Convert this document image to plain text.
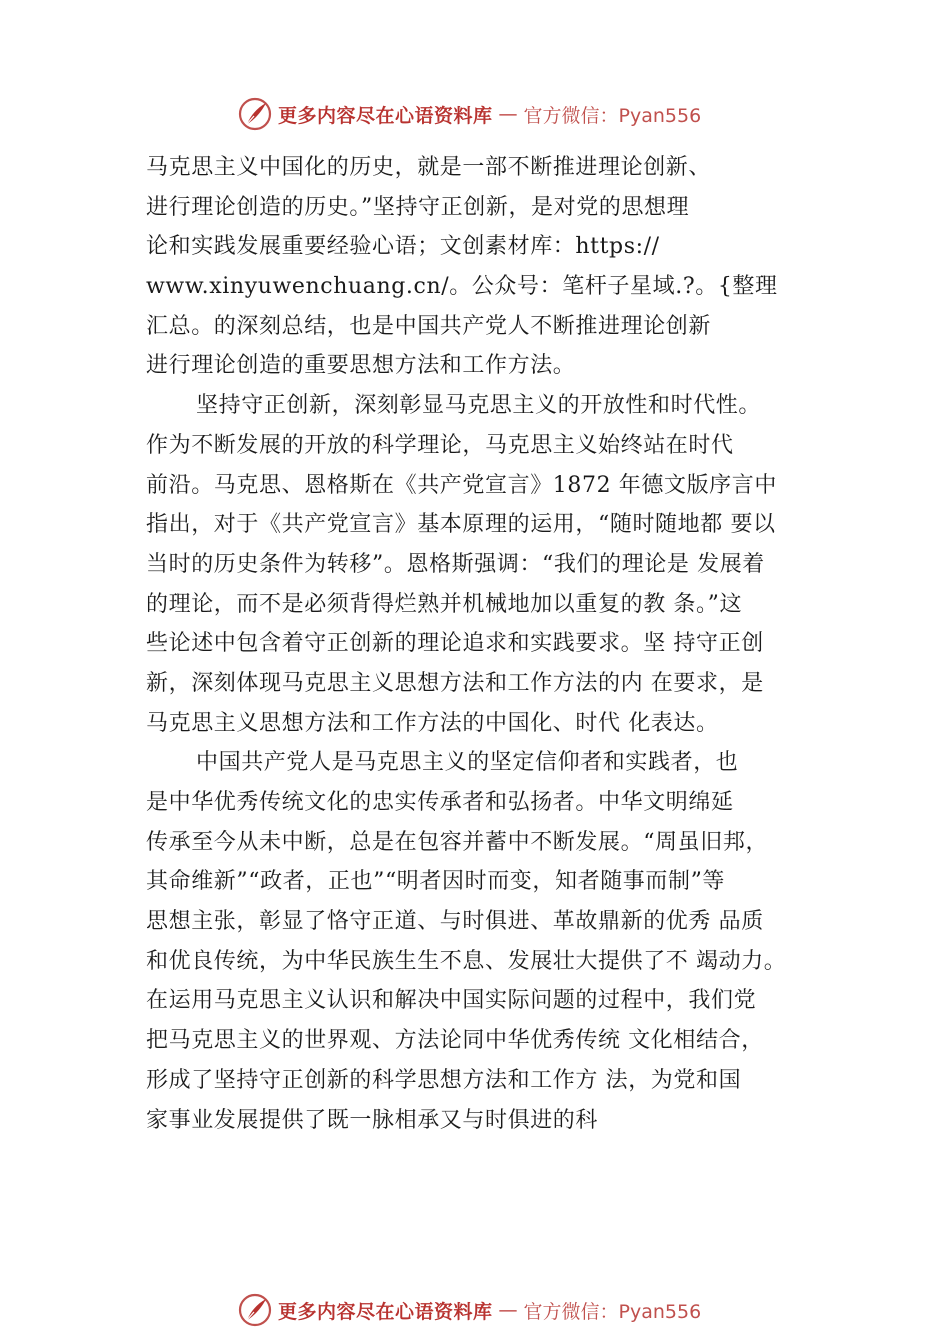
更多内容尽在心语资料库 — 官方微信：Pyan556
马克思主义中国化的历史，就是一部不断推进理论创新、
进行理论创造的历史。”坚持守正创新，是对党的思想理
论和实践发展重要经验心语；文创素材库：https://
www.xinyuwenchuang.cn/。公众号：笔杆子星域.?。{整理
汇总。的深刻总结，也是中国共产党人不断推进理论创新
进行理论创造的重要思想方法和工作方法。
坚持守正创新，深刻彰显马克思主义的开放性和时代性。
作为不断发展的开放的科学理论，马克思主义始终站在时代
前沿。马克思、恩格斯在《共产党宣言》1872 年德文版序言中
指出，对于《共产党宣言》基本原理的运用，“随时随地都 要以
当时的历史条件为转移”。恩格斯强调：“我们的理论是 发展着
的理论，而不是必须背得烂熟并机械地加以重复的教 条。”这
些论述中包含着守正创新的理论追求和实践要求。坚 持守正创
新，深刻体现马克思主义思想方法和工作方法的内 在要求，是
马克思主义思想方法和工作方法的中国化、时代 化表达。
中国共产党人是马克思主义的坚定信仰者和实践者，也
是中华优秀传统文化的忠实传承者和弘扬者。中华文明绵延
传承至今从未中断，总是在包容并蓄中不断发展。“周虽旧邦，
其命维新”“政者，正也”“明者因时而变，知者随事而制”等
思想主张，彰显了恪守正道、与时俱进、革故鼎新的优秀 品质
和优良传统，为中华民族生生不息、发展壮大提供了不 竭动力。
在运用马克思主义认识和解决中国实际问题的过程中，我们党
把马克思主义的世界观、方法论同中华优秀传统 文化相结合，
形成了坚持守正创新的科学思想方法和工作方 法，为党和国
家事业发展提供了既一脉相承又与时俱进的科
更多内容尽在心语资料库 — 官方微信：Pyan556
